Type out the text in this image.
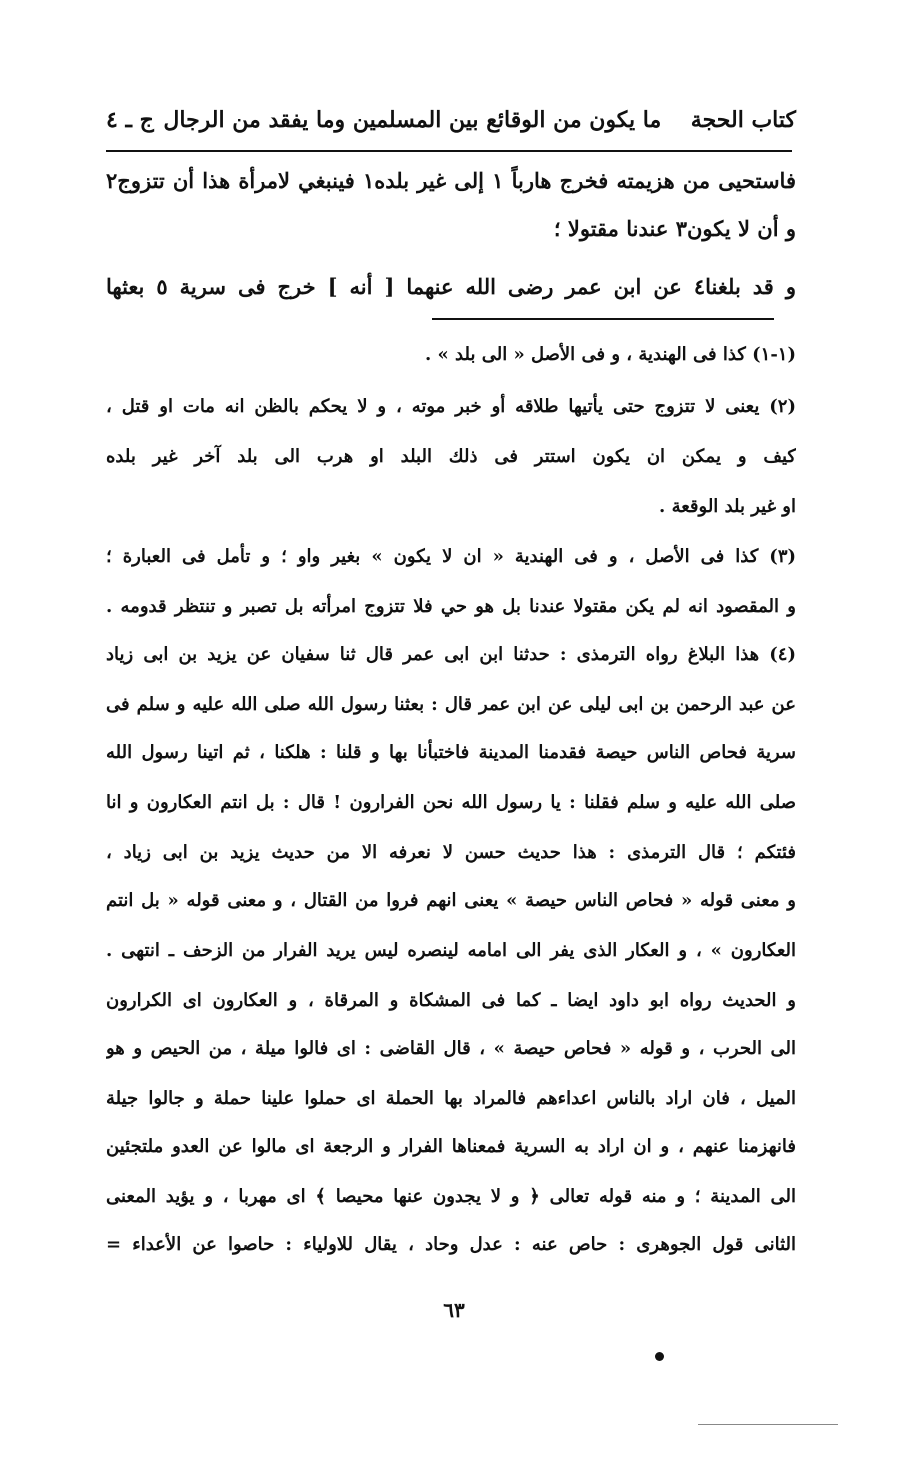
كتاب الحجة
ما يكون من الوقائع بين المسلمين وما يفقد من الرجال
ج ـ ٤
فاستحيى من هزيمته فخرج هارباً ١ إلى غير بلده١ فينبغي لامرأة هذا أن تتزوج٢
و أن لا يكون٣ عندنا مقتولا ؛
و قد بلغنا٤ عن ابن عمر رضى الله عنهما [ أنه ] خرج فى سرية ٥ بعثها
(١-١) كذا فى الهندية ، و فى الأصل « الى بلد » .
(٢) يعنى لا تتزوج حتى يأتيها طلاقه أو خبر موته ، و لا يحكم بالظن انه مات او قتل ،
كيف و يمكن ان يكون استتر فى ذلك البلد او هرب الى بلد آخر غير بلده
او غير بلد الوقعة .
(٣) كذا فى الأصل ، و فى الهندية « ان لا يكون » بغير واو ؛ و تأمل فى العبارة ؛
و المقصود انه لم يكن مقتولا عندنا بل هو حي فلا تتزوج امرأته بل تصبر و تنتظر قدومه .
(٤) هذا البلاغ رواه الترمذى : حدثنا ابن ابى عمر قال ثنا سفيان عن يزيد بن ابى زياد
عن عبد الرحمن بن ابى ليلى عن ابن عمر قال : بعثنا رسول الله صلى الله عليه و سلم فى
سرية فحاص الناس حيصة فقدمنا المدينة فاختبأنا بها و قلنا : هلكنا ، ثم اتينا رسول الله
صلى الله عليه و سلم فقلنا : يا رسول الله نحن الفرارون ! قال : بل انتم العكارون و انا
فئتكم ؛ قال الترمذى : هذا حديث حسن لا نعرفه الا من حديث يزيد بن ابى زياد ،
و معنى قوله « فحاص الناس حيصة » يعنى انهم فروا من القتال ، و معنى قوله « بل انتم
العكارون » ، و العكار الذى يفر الى امامه لينصره ليس يريد الفرار من الزحف ـ انتهى .
و الحديث رواه ابو داود ايضا ـ كما فى المشكاة و المرقاة ، و العكارون اى الكرارون
الى الحرب ، و قوله « فحاص حيصة » ، قال القاضى : اى فالوا ميلة ، من الحيص و هو
الميل ، فان اراد بالناس اعداءهم فالمراد بها الحملة اى حملوا علينا حملة و جالوا جيلة
فانهزمنا عنهم ، و ان اراد به السرية فمعناها الفرار و الرجعة اى مالوا عن العدو ملتجئين
الى المدينة ؛ و منه قوله تعالى ﴿ و لا يجدون عنها محيصا ﴾ اى مهربا ، و يؤيد المعنى
الثانى قول الجوهرى : حاص عنه : عدل وحاد ، يقال للاولياء : حاصوا عن الأعداء =
٦٣
